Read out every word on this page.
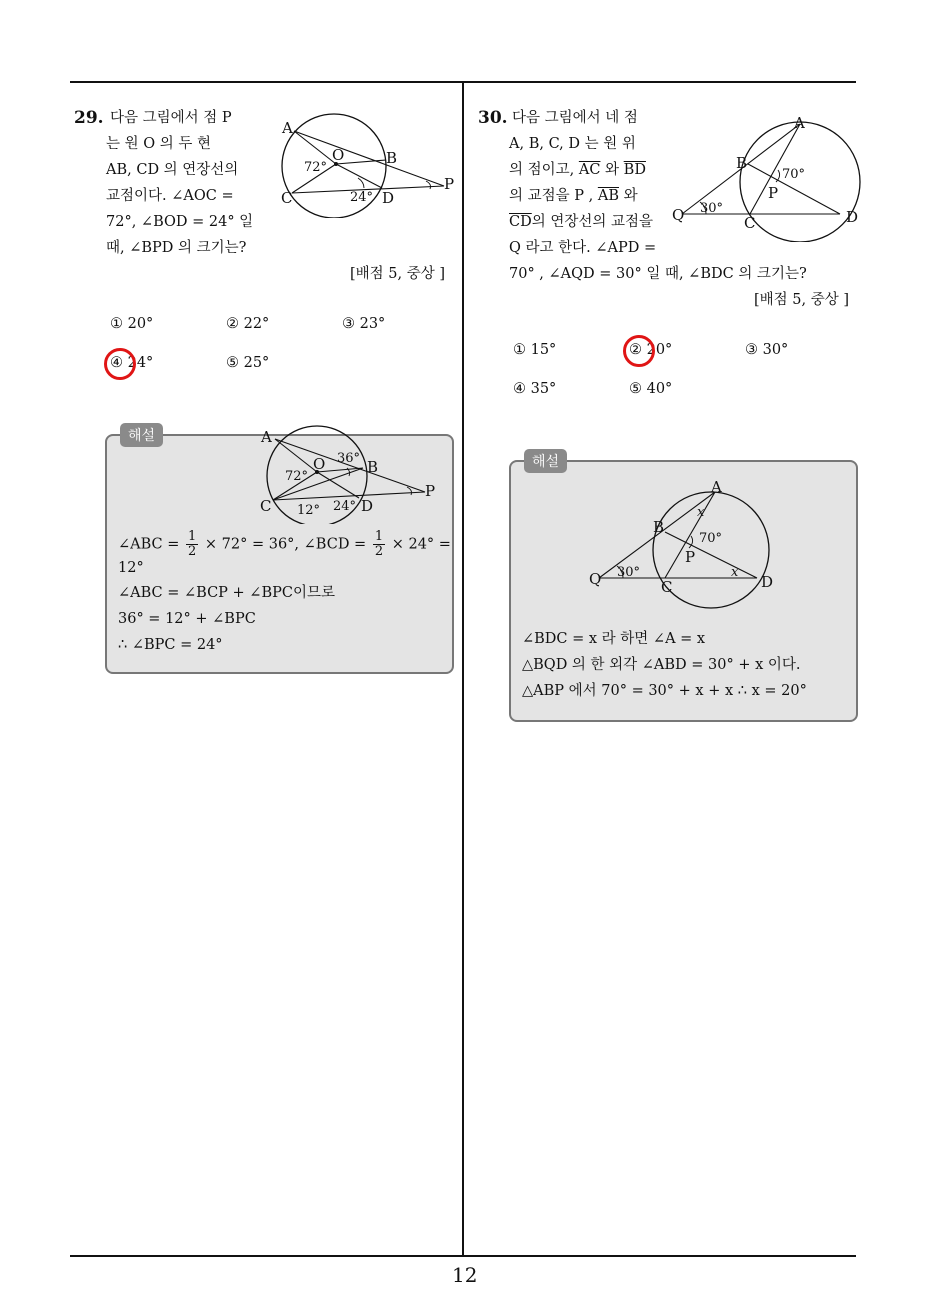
12
29. 다음 그림에서 점 P
는 원 O 의 두 현
AB, CD 의 연장선의
교점이다. ∠AOC =
72°, ∠BOD = 24° 일
때, ∠BPD 의 크기는?
[배점 5, 중상 ]
A
O	B
C	D
P
72°
24°
① 20°	② 22°	③ 23°
④ 24°	⑤ 25°
해설	A
O	B
C	D
P
72°
36°
12° 24°
∠ABC = $\frac{1}{2} \times 72^\circ = 36^\circ$, ∠BCD = $\frac{1}{2} \times 24^\circ$ =
12°
∠ABC = ∠BCP + ∠BPC이므로
36° = 12° + ∠BPC
∴ ∠BPC = 24°
30. 다음 그림에서 네 점
A, B, C, D 는 원 위
의 점이고, $\overline{AC}$ 와 $\overline{BD}$
의 교점을 P , $\overline{AB}$ 와
$\overline{CD}$의 연장선의 교점을
Q 라고 한다. ∠APD =
70° , ∠AQD = 30° 일 때, ∠BDC 의 크기는?
[배점 5, 중상 ]
A
B
P
C	D
Q
70°
30°
① 15°	② 20°	③ 30°
④ 35°	⑤ 40°
해설
A
B
P
C	D
Q
70°
30°
x
x
∠BDC = x 라 하면 ∠A = x
△BQD 의 한 외각 ∠ABD = 30° + x 이다.
△ABP 에서 70° = 30° + x + x ∴ x = 20°
